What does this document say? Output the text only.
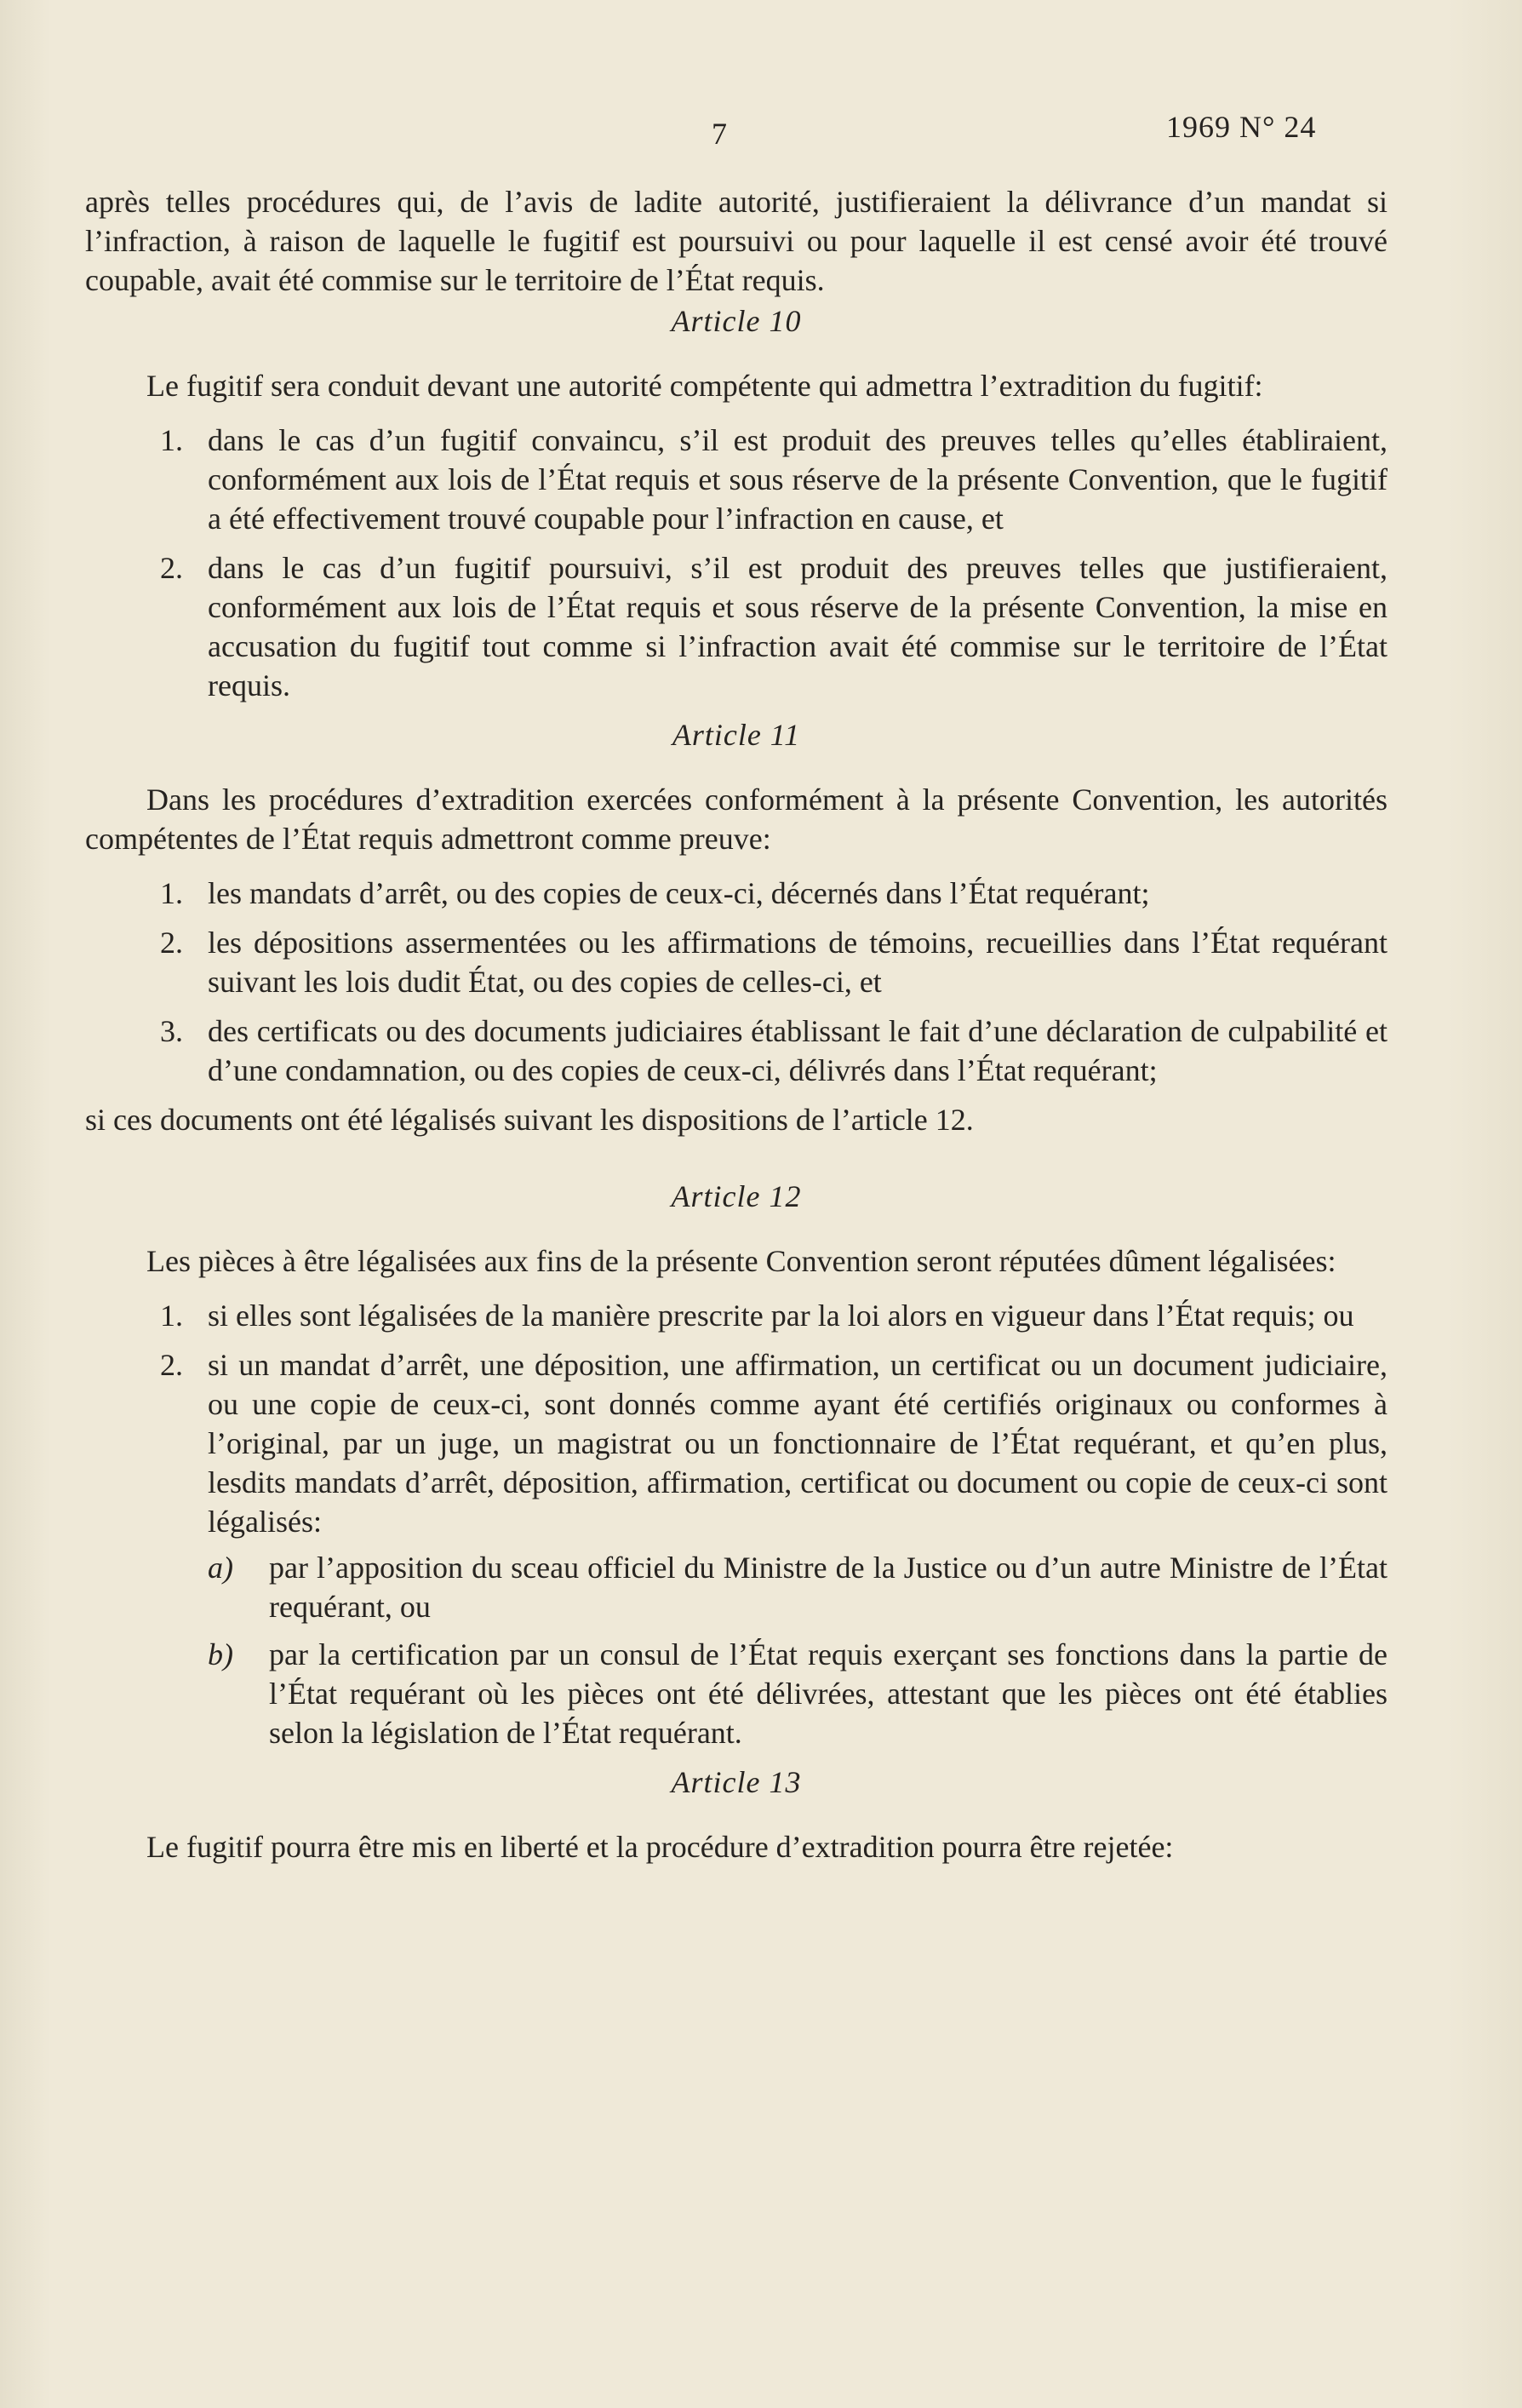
7	1969 N° 24

après telles procédures qui, de l’avis de ladite autorité, justifieraient la délivrance d’un mandat si l’infraction, à raison de laquelle le fugitif est poursuivi ou pour laquelle il est censé avoir été trouvé coupable, avait été commise sur le territoire de l’État requis.

Article 10

Le fugitif sera conduit devant une autorité compétente qui admettra l’extradition du fugitif:

1. dans le cas d’un fugitif convaincu, s’il est produit des preuves telles qu’elles établiraient, conformément aux lois de l’État requis et sous réserve de la présente Convention, que le fugitif a été effectivement trouvé coupable pour l’infraction en cause, et
2. dans le cas d’un fugitif poursuivi, s’il est produit des preuves telles que justifieraient, conformément aux lois de l’État requis et sous réserve de la présente Convention, la mise en accusation du fugitif tout comme si l’infraction avait été commise sur le territoire de l’État requis.

Article 11

Dans les procédures d’extradition exercées conformément à la présente Convention, les autorités compétentes de l’État requis admettront comme preuve:

1. les mandats d’arrêt, ou des copies de ceux-ci, décernés dans l’État requérant;
2. les dépositions assermentées ou les affirmations de témoins, recueillies dans l’État requérant suivant les lois dudit État, ou des copies de celles-ci, et
3. des certificats ou des documents judiciaires établissant le fait d’une déclaration de culpabilité et d’une condamnation, ou des copies de ceux-ci, délivrés dans l’État requérant;

si ces documents ont été légalisés suivant les dispositions de l’article 12.

Article 12

Les pièces à être légalisées aux fins de la présente Convention seront réputées dûment légalisées:

1. si elles sont légalisées de la manière prescrite par la loi alors en vigueur dans l’État requis; ou
2. si un mandat d’arrêt, une déposition, une affirmation, un certificat ou un document judiciaire, ou une copie de ceux-ci, sont donnés comme ayant été certifiés originaux ou conformes à l’original, par un juge, un magistrat ou un fonctionnaire de l’État requérant, et qu’en plus, lesdits mandats d’arrêt, déposition, affirmation, certificat ou document ou copie de ceux-ci sont légalisés:
a) par l’apposition du sceau officiel du Ministre de la Justice ou d’un autre Ministre de l’État requérant, ou
b) par la certification par un consul de l’État requis exerçant ses fonctions dans la partie de l’État requérant où les pièces ont été délivrées, attestant que les pièces ont été établies selon la législation de l’État requérant.

Article 13

Le fugitif pourra être mis en liberté et la procédure d’extradition pourra être rejetée:
